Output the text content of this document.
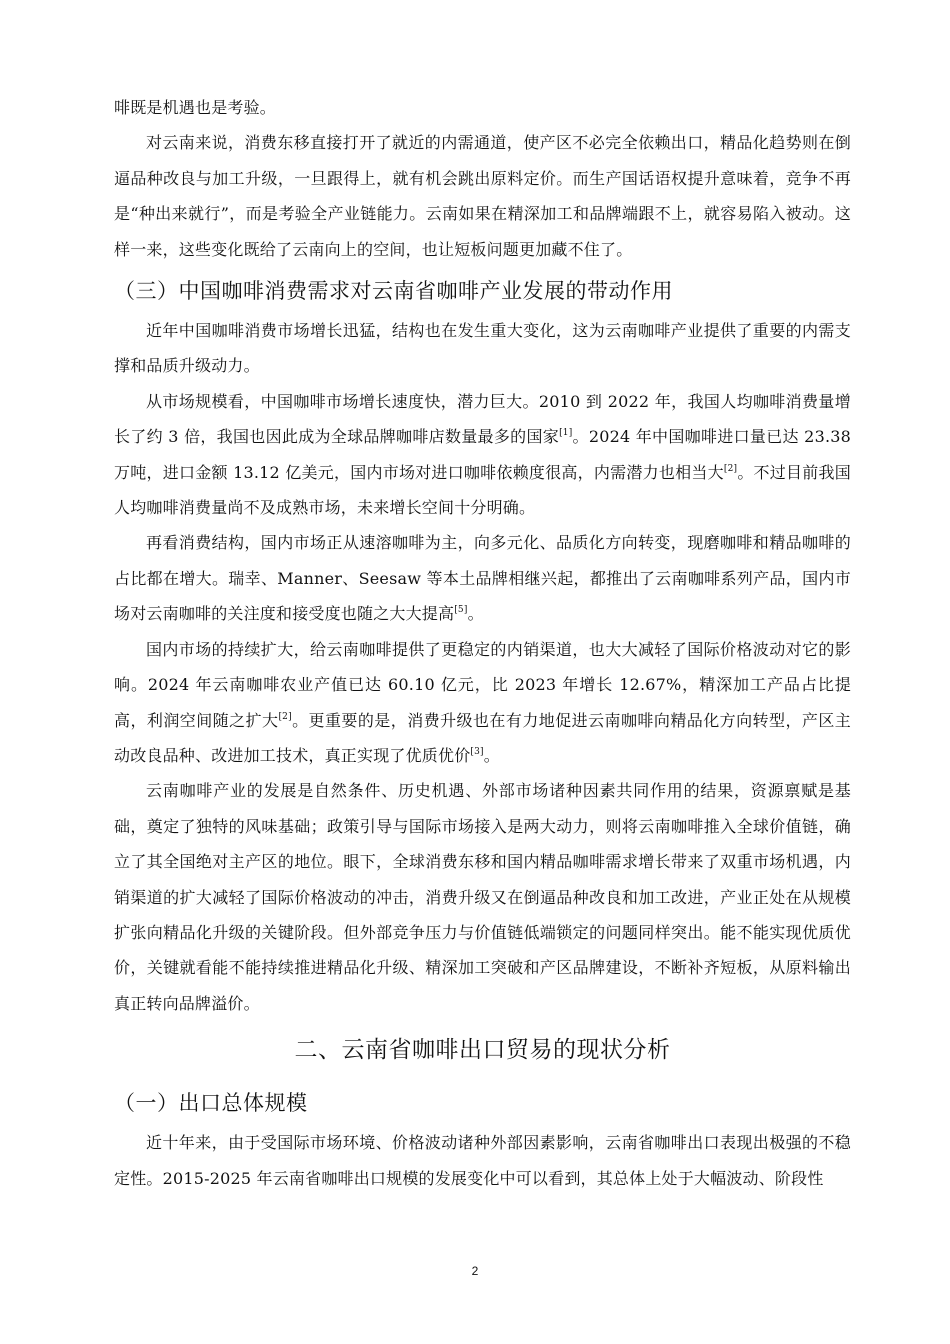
啡既是机遇也是考验。

对云南来说，消费东移直接打开了就近的内需通道，使产区不必完全依赖出口，精品化趋势则在倒逼品种改良与加工升级，一旦跟得上，就有机会跳出原料定价。而生产国话语权提升意味着，竞争不再是“种出来就行”，而是考验全产业链能力。云南如果在精深加工和品牌端跟不上，就容易陷入被动。这样一来，这些变化既给了云南向上的空间，也让短板问题更加藏不住了。

（三）中国咖啡消费需求对云南省咖啡产业发展的带动作用

近年中国咖啡消费市场增长迅猛，结构也在发生重大变化，这为云南咖啡产业提供了重要的内需支撑和品质升级动力。

从市场规模看，中国咖啡市场增长速度快，潜力巨大。2010 到 2022 年，我国人均咖啡消费量增长了约 3 倍，我国也因此成为全球品牌咖啡店数量最多的国家[1]。2024 年中国咖啡进口量已达 23.38 万吨，进口金额 13.12 亿美元，国内市场对进口咖啡依赖度很高，内需潜力也相当大[2]。不过目前我国人均咖啡消费量尚不及成熟市场，未来增长空间十分明确。

再看消费结构，国内市场正从速溶咖啡为主，向多元化、品质化方向转变，现磨咖啡和精品咖啡的占比都在增大。瑞幸、Manner、Seesaw 等本土品牌相继兴起，都推出了云南咖啡系列产品，国内市场对云南咖啡的关注度和接受度也随之大大提高[5]。

国内市场的持续扩大，给云南咖啡提供了更稳定的内销渠道，也大大减轻了国际价格波动对它的影响。2024 年云南咖啡农业产值已达 60.10 亿元，比 2023 年增长 12.67%，精深加工产品占比提高，利润空间随之扩大[2]。更重要的是，消费升级也在有力地促进云南咖啡向精品化方向转型，产区主动改良品种、改进加工技术，真正实现了优质优价[3]。

云南咖啡产业的发展是自然条件、历史机遇、外部市场诸种因素共同作用的结果，资源禀赋是基础，奠定了独特的风味基础；政策引导与国际市场接入是两大动力，则将云南咖啡推入全球价值链，确立了其全国绝对主产区的地位。眼下，全球消费东移和国内精品咖啡需求增长带来了双重市场机遇，内销渠道的扩大减轻了国际价格波动的冲击，消费升级又在倒逼品种改良和加工改进，产业正处在从规模扩张向精品化升级的关键阶段。但外部竞争压力与价值链低端锁定的问题同样突出。能不能实现优质优价，关键就看能不能持续推进精品化升级、精深加工突破和产区品牌建设，不断补齐短板，从原料输出真正转向品牌溢价。

二、云南省咖啡出口贸易的现状分析
（一）出口总体规模

近十年来，由于受国际市场环境、价格波动诸种外部因素影响，云南省咖啡出口表现出极强的不稳定性。2015-2025 年云南省咖啡出口规模的发展变化中可以看到，其总体上处于大幅波动、阶段性

2
